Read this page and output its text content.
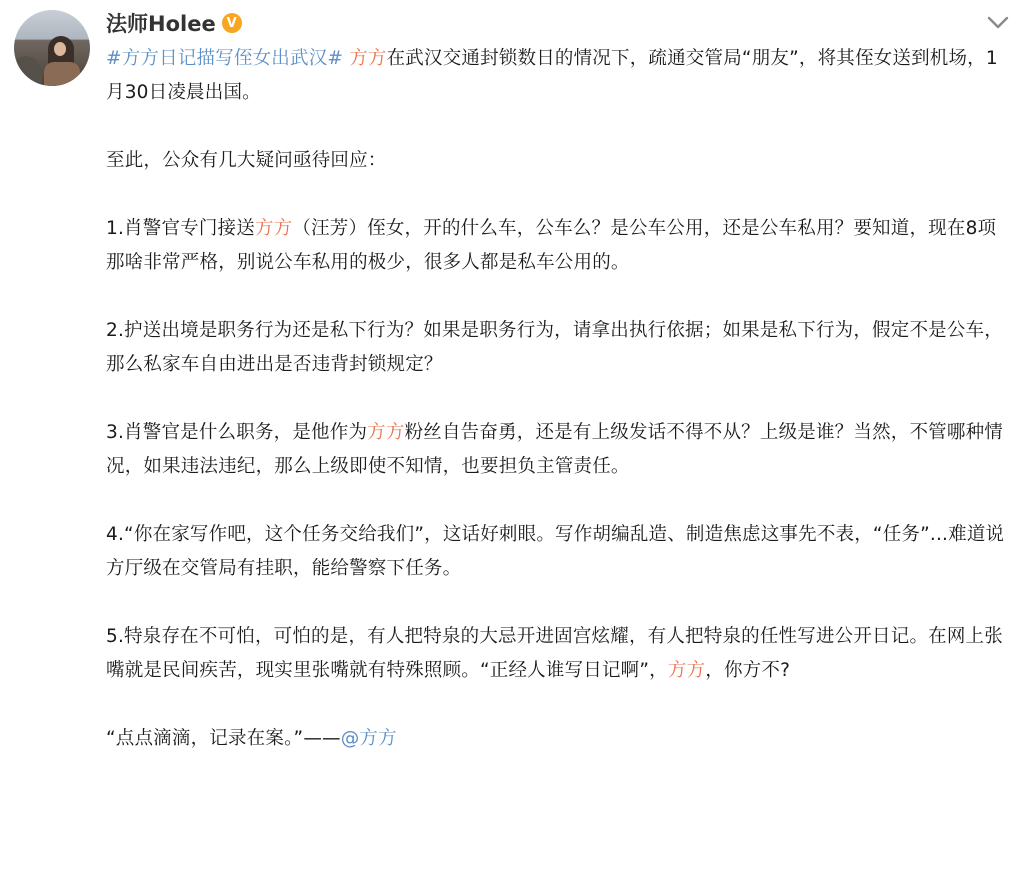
法师Holee V

#方方日记描写侄女出武汉# 方方在武汉交通封锁数日的情况下，疏通交管局“朋友”，将其侄女送到机场，1月30日凌晨出国。

至此，公众有几大疑问亟待回应：

1.肖警官专门接送方方（汪芳）侄女，开的什么车，公车么？是公车公用，还是公车私用？要知道，现在8项那啥非常严格，别说公车私用的极少，很多人都是私车公用的。

2.护送出境是职务行为还是私下行为？如果是职务行为，请拿出执行依据；如果是私下行为，假定不是公车，那么私家车自由进出是否违背封锁规定？

3.肖警官是什么职务，是他作为方方粉丝自告奋勇，还是有上级发话不得不从？上级是谁？当然，不管哪种情况，如果违法违纪，那么上级即使不知情，也要担负主管责任。

4.“你在家写作吧，这个任务交给我们”，这话好刺眼。写作胡编乱造、制造焦虑这事先不表，“任务”...难道说方厅级在交管局有挂职，能给警察下任务。

5.特泉存在不可怕，可怕的是，有人把特泉的大忌开进固宫炫耀，有人把特泉的任性写进公开日记。在网上张嘴就是民间疾苦，现实里张嘴就有特殊照顾。“正经人谁写日记啊”，方方，你方不?

“点点滴滴，记录在案。”——@方方
